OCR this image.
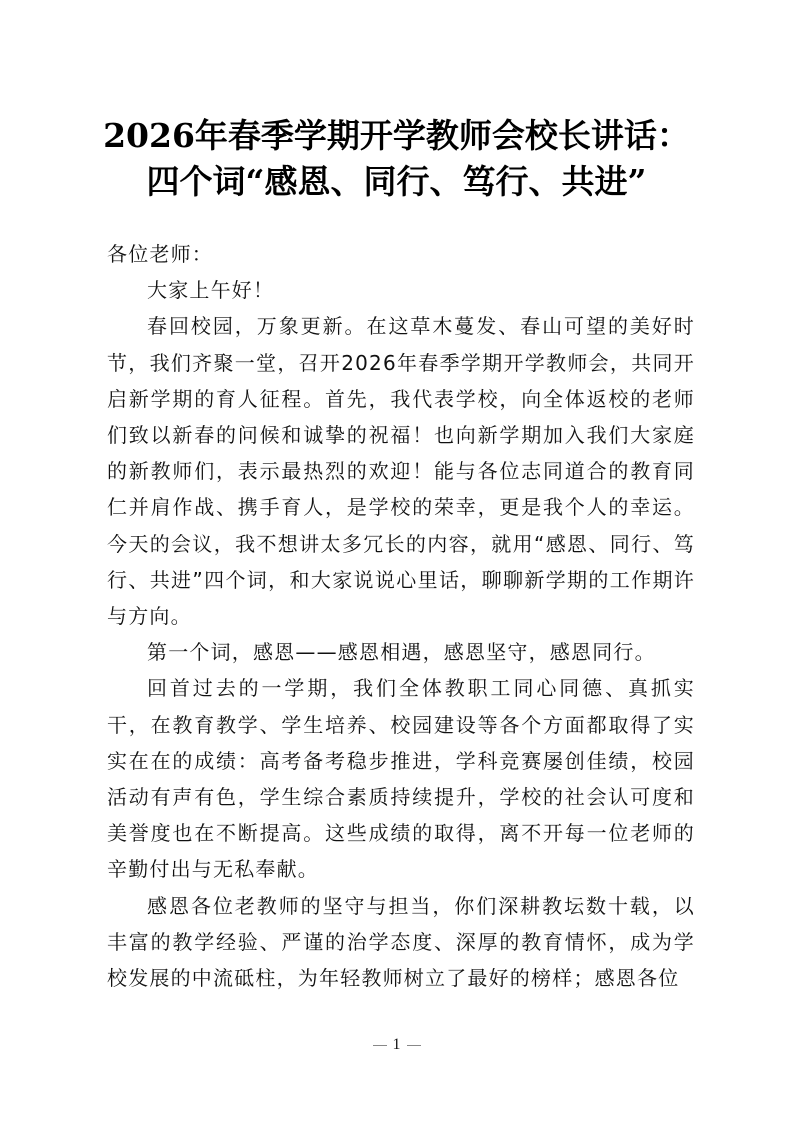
2026年春季学期开学教师会校长讲话：四个词“感恩、同行、笃行、共进”

各位老师：

大家上午好！

春回校园，万象更新。在这草木蔓发、春山可望的美好时节，我们齐聚一堂，召开2026年春季学期开学教师会，共同开启新学期的育人征程。首先，我代表学校，向全体返校的老师们致以新春的问候和诚挚的祝福！也向新学期加入我们大家庭的新教师们，表示最热烈的欢迎！能与各位志同道合的教育同仁并肩作战、携手育人，是学校的荣幸，更是我个人的幸运。今天的会议，我不想讲太多冗长的内容，就用“感恩、同行、笃行、共进”四个词，和大家说说心里话，聊聊新学期的工作期许与方向。

第一个词，感恩——感恩相遇，感恩坚守，感恩同行。

回首过去的一学期，我们全体教职工同心同德、真抓实干，在教育教学、学生培养、校园建设等各个方面都取得了实实在在的成绩：高考备考稳步推进，学科竞赛屡创佳绩，校园活动有声有色，学生综合素质持续提升，学校的社会认可度和美誉度也在不断提高。这些成绩的取得，离不开每一位老师的辛勤付出与无私奉献。

感恩各位老教师的坚守与担当，你们深耕教坛数十载，以丰富的教学经验、严谨的治学态度、深厚的教育情怀，成为学校发展的中流砥柱，为年轻教师树立了最好的榜样；感恩各位

1
